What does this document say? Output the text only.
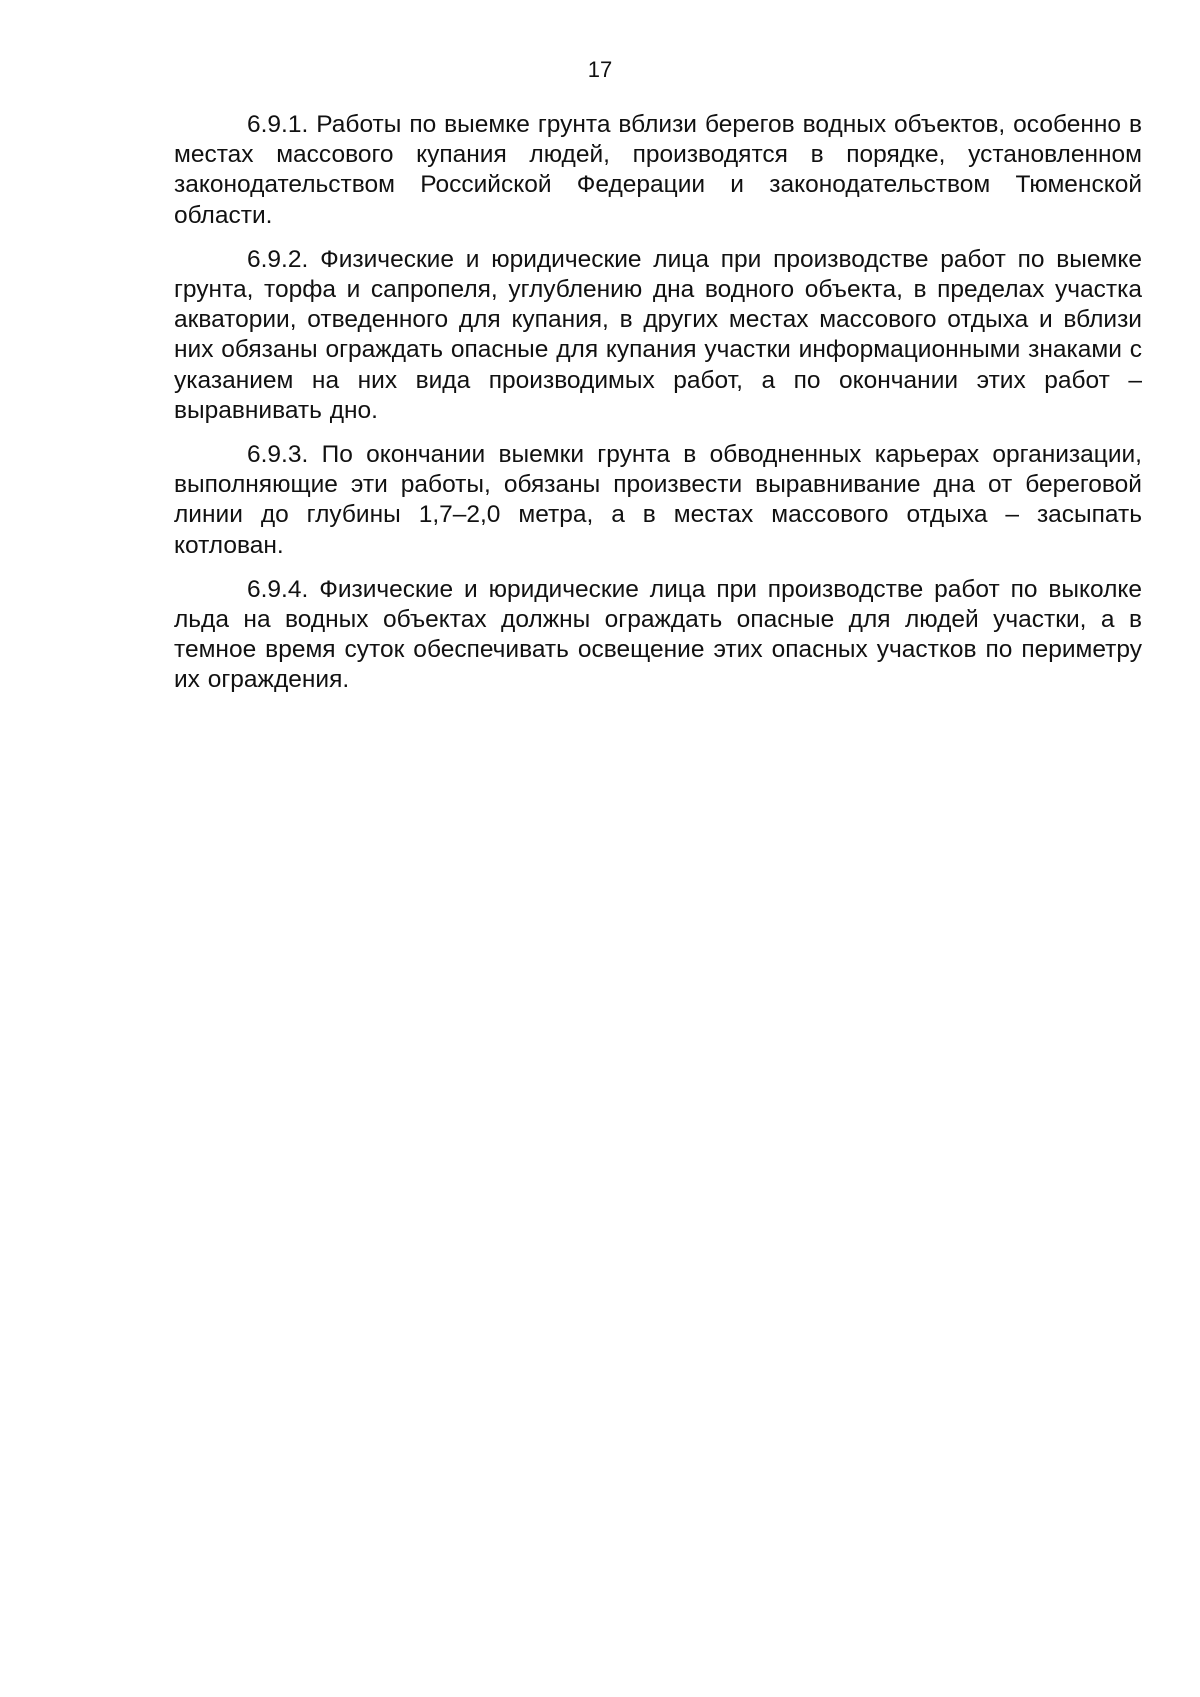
17

6.9.1. Работы по выемке грунта вблизи берегов водных объектов, особенно в местах массового купания людей, производятся в порядке, установленном законодательством Российской Федерации и законодательством Тюменской области.

6.9.2. Физические и юридические лица при производстве работ по выемке грунта, торфа и сапропеля, углублению дна водного объекта, в пределах участка акватории, отведенного для купания, в других местах массового отдыха и вблизи них обязаны ограждать опасные для купания участки информационными знаками с указанием на них вида производимых работ, а по окончании этих работ – выравнивать дно.

6.9.3. По окончании выемки грунта в обводненных карьерах организации, выполняющие эти работы, обязаны произвести выравнивание дна от береговой линии до глубины 1,7–2,0 метра, а в местах массового отдыха – засыпать котлован.

6.9.4. Физические и юридические лица при производстве работ по выколке льда на водных объектах должны ограждать опасные для людей участки, а в темное время суток обеспечивать освещение этих опасных участков по периметру их ограждения.
